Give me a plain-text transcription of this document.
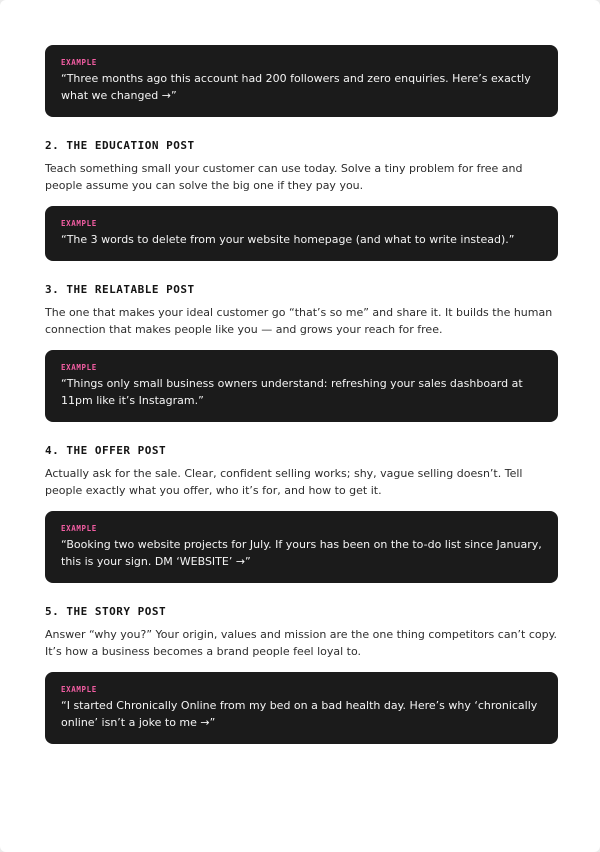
EXAMPLE
“Three months ago this account had 200 followers and zero enquiries. Here’s exactly what we changed →”
2. THE EDUCATION POST

Teach something small your customer can use today. Solve a tiny problem for free and people assume you can solve the big one if they pay you.

EXAMPLE
“The 3 words to delete from your website homepage (and what to write instead).”
3. THE RELATABLE POST

The one that makes your ideal customer go “that’s so me” and share it. It builds the human connection that makes people like you — and grows your reach for free.

EXAMPLE
“Things only small business owners understand: refreshing your sales dashboard at 11pm like it’s Instagram.”
4. THE OFFER POST

Actually ask for the sale. Clear, confident selling works; shy, vague selling doesn’t. Tell people exactly what you offer, who it’s for, and how to get it.

EXAMPLE
“Booking two website projects for July. If yours has been on the to-do list since January, this is your sign. DM ‘WEBSITE’ →”
5. THE STORY POST

Answer “why you?” Your origin, values and mission are the one thing competitors can’t copy. It’s how a business becomes a brand people feel loyal to.

EXAMPLE
“I started Chronically Online from my bed on a bad health day. Here’s why ‘chronically online’ isn’t a joke to me →”
